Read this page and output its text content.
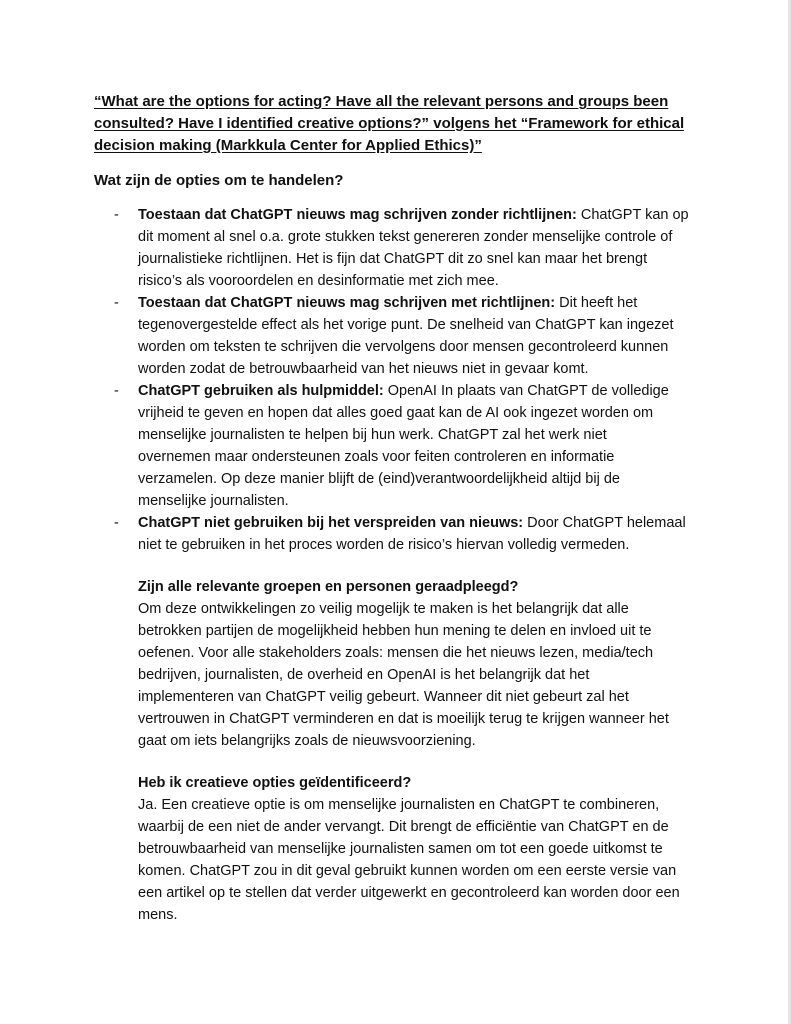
“What are the options for acting? Have all the relevant persons and groups been
consulted? Have I identified creative options?” volgens het “Framework for ethical
decision making (Markkula Center for Applied Ethics)”
Wat zijn de opties om te handelen?
- Toestaan dat ChatGPT nieuws mag schrijven zonder richtlijnen: ChatGPT kan op
dit moment al snel o.a. grote stukken tekst genereren zonder menselijke controle of
journalistieke richtlijnen. Het is fijn dat ChatGPT dit zo snel kan maar het brengt
risico’s als vooroordelen en desinformatie met zich mee.
- Toestaan dat ChatGPT nieuws mag schrijven met richtlijnen: Dit heeft het
tegenovergestelde effect als het vorige punt. De snelheid van ChatGPT kan ingezet
worden om teksten te schrijven die vervolgens door mensen gecontroleerd kunnen
worden zodat de betrouwbaarheid van het nieuws niet in gevaar komt.
- ChatGPT gebruiken als hulpmiddel: OpenAI In plaats van ChatGPT de volledige
vrijheid te geven en hopen dat alles goed gaat kan de AI ook ingezet worden om
menselijke journalisten te helpen bij hun werk. ChatGPT zal het werk niet
overnemen maar ondersteunen zoals voor feiten controleren en informatie
verzamelen. Op deze manier blijft de (eind)verantwoordelijkheid altijd bij de
menselijke journalisten.
- ChatGPT niet gebruiken bij het verspreiden van nieuws: Door ChatGPT helemaal
niet te gebruiken in het proces worden de risico’s hiervan volledig vermeden.
Zijn alle relevante groepen en personen geraadpleegd?
Om deze ontwikkelingen zo veilig mogelijk te maken is het belangrijk dat alle
betrokken partijen de mogelijkheid hebben hun mening te delen en invloed uit te
oefenen. Voor alle stakeholders zoals: mensen die het nieuws lezen, media/tech
bedrijven, journalisten, de overheid en OpenAI is het belangrijk dat het
implementeren van ChatGPT veilig gebeurt. Wanneer dit niet gebeurt zal het
vertrouwen in ChatGPT verminderen en dat is moeilijk terug te krijgen wanneer het
gaat om iets belangrijks zoals de nieuwsvoorziening.
Heb ik creatieve opties geïdentificeerd?
Ja. Een creatieve optie is om menselijke journalisten en ChatGPT te combineren,
waarbij de een niet de ander vervangt. Dit brengt de efficiëntie van ChatGPT en de
betrouwbaarheid van menselijke journalisten samen om tot een goede uitkomst te
komen. ChatGPT zou in dit geval gebruikt kunnen worden om een eerste versie van
een artikel op te stellen dat verder uitgewerkt en gecontroleerd kan worden door een
mens.
